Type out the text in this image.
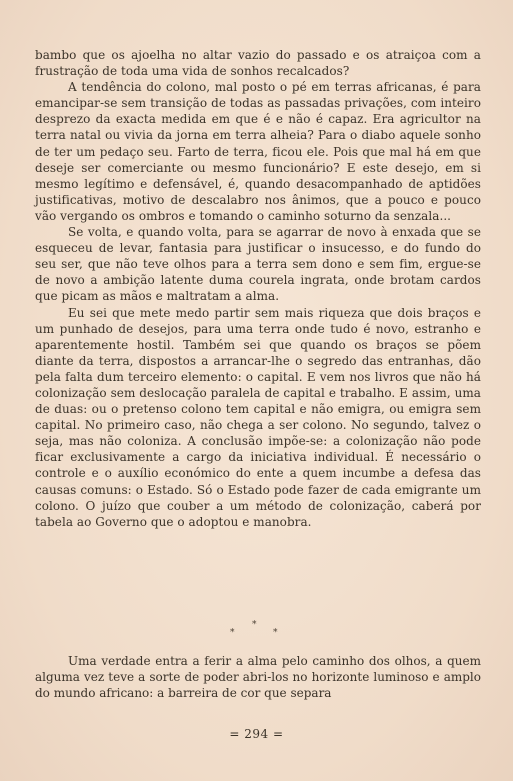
bambo que os ajoelha no altar vazio do passado e os atraiçoa com a frustração de toda uma vida de sonhos recalcados?

A tendência do colono, mal posto o pé em terras africanas, é para emancipar-se sem transição de todas as passadas privações, com inteiro desprezo da exacta medida em que é e não é capaz. Era agricultor na terra natal ou vivia da jorna em terra alheia? Para o diabo aquele sonho de ter um pedaço seu. Farto de terra, ficou ele. Pois que mal há em que deseje ser comerciante ou mesmo funcionário? E este desejo, em si mesmo legítimo e defensável, é, quando desacompanhado de aptidões justificativas, motivo de descalabro nos ânimos, que a pouco e pouco vão vergando os ombros e tomando o caminho soturno da senzala...

Se volta, e quando volta, para se agarrar de novo à enxada que se esqueceu de levar, fantasia para justificar o insucesso, e do fundo do seu ser, que não teve olhos para a terra sem dono e sem fim, ergue-se de novo a ambição latente duma courela ingrata, onde brotam cardos que picam as mãos e maltratam a alma.

Eu sei que mete medo partir sem mais riqueza que dois braços e um punhado de desejos, para uma terra onde tudo é novo, estranho e aparentemente hostil. Também sei que quando os braços se põem diante da terra, dispostos a arrancar-lhe o segredo das entranhas, dão pela falta dum terceiro elemento: o capital. E vem nos livros que não há colonização sem deslocação paralela de capital e trabalho. E assim, uma de duas: ou o pretenso colono tem capital e não emigra, ou emigra sem capital. No primeiro caso, não chega a ser colono. No segundo, talvez o seja, mas não coloniza. A conclusão impõe-se: a colonização não pode ficar exclusivamente a cargo da iniciativa individual. É necessário o controle e o auxílio económico do ente a quem incumbe a defesa das causas comuns: o Estado. Só o Estado pode fazer de cada emigrante um colono. O juízo que couber a um método de colonização, caberá por tabela ao Governo que o adoptou e manobra.

*
*	*

Uma verdade entra a ferir a alma pelo caminho dos olhos, a quem alguma vez teve a sorte de poder abri-los no horizonte luminoso e amplo do mundo africano: a barreira de cor que separa

= 294 =
